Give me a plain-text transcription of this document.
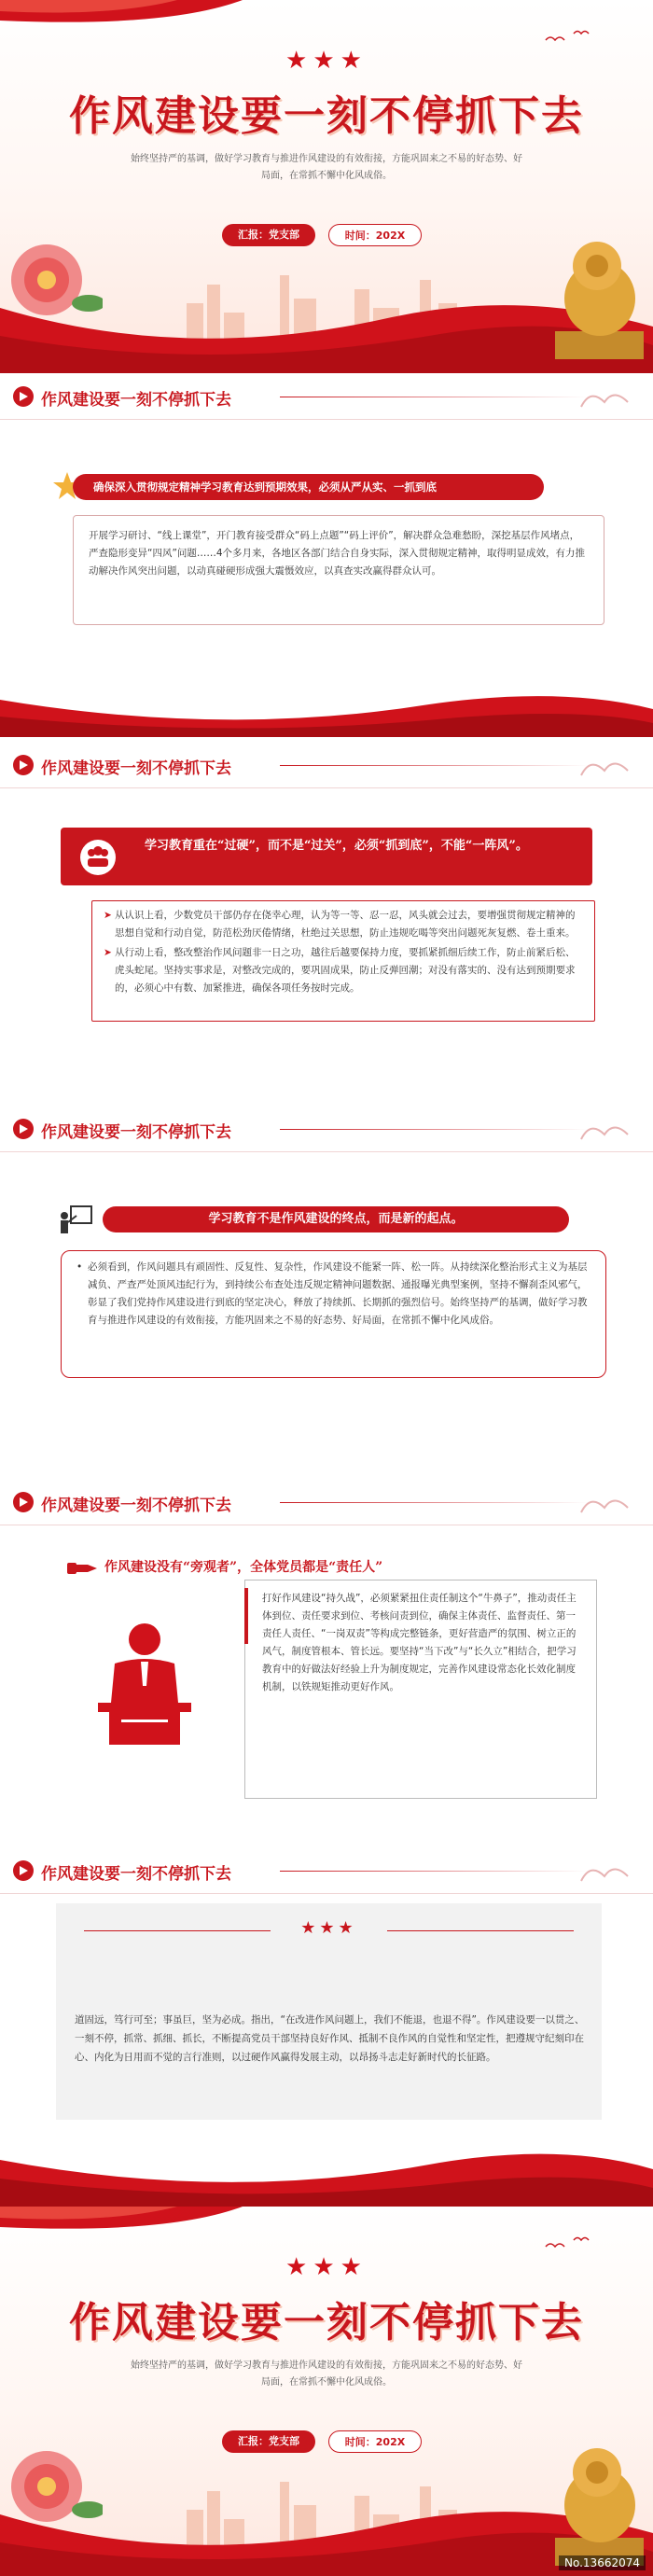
★★★
作风建设要一刻不停抓下去
始终坚持严的基调，做好学习教育与推进作风建设的有效衔接，方能巩固来之不易的好态势、好局面，在常抓不懈中化风成俗。
汇报：党支部	时间：202X
作风建设要一刻不停抓下去
确保深入贯彻规定精神学习教育达到预期效果，必须从严从实、一抓到底
开展学习研讨、“线上课堂”，开门教育接受群众“码上点题”“码上评价”，解决群众急难愁盼，深挖基层作风堵点，严查隐形变异“四风”问题……4个多月来，各地区各部门结合自身实际，深入贯彻规定精神，取得明显成效，有力推动解决作风突出问题，以动真碰硬形成强大震慑效应，以真查实改赢得群众认可。
作风建设要一刻不停抓下去
学习教育重在“过硬”，而不是“过关”，必须“抓到底”，不能“一阵风”。
➤ 从认识上看，少数党员干部仍存在侥幸心理，认为等一等、忍一忍，风头就会过去，要增强贯彻规定精神的思想自觉和行动自觉，防范松劲厌倦情绪，杜绝过关思想，防止违规吃喝等突出问题死灰复燃、卷土重来。
➤ 从行动上看，整改整治作风问题非一日之功，越往后越要保持力度，要抓紧抓细后续工作，防止前紧后松、虎头蛇尾。坚持实事求是，对整改完成的，要巩固成果，防止反弹回潮；对没有落实的、没有达到预期要求的，必须心中有数、加紧推进，确保各项任务按时完成。
作风建设要一刻不停抓下去
学习教育不是作风建设的终点，而是新的起点。
• 必须看到，作风问题具有顽固性、反复性、复杂性，作风建设不能紧一阵、松一阵。从持续深化整治形式主义为基层减负、严查严处顶风违纪行为，到持续公布查处违反规定精神问题数据、通报曝光典型案例，坚持不懈刹歪风邪气，彰显了我们党持作风建设进行到底的坚定决心，释放了持续抓、长期抓的强烈信号。始终坚持严的基调，做好学习教育与推进作风建设的有效衔接，方能巩固来之不易的好态势、好局面，在常抓不懈中化风成俗。
作风建设要一刻不停抓下去
作风建设没有“旁观者”，全体党员都是“责任人”
打好作风建设“持久战”，必须紧紧扭住责任制这个“牛鼻子”，推动责任主体到位、责任要求到位、考核问责到位，确保主体责任、监督责任、第一责任人责任、“一岗双责”等构成完整链条，更好营造严的氛围、树立正的风气，制度管根本、管长远。要坚持“当下改”与“长久立”相结合，把学习教育中的好做法好经验上升为制度规定，完善作风建设常态化长效化制度机制，以铁规矩推动更好作风。
作风建设要一刻不停抓下去
★★★
道固远，笃行可至；事虽巨，坚为必成。指出，“在改进作风问题上，我们不能退，也退不得”。作风建设要一以贯之、一刻不停，抓常、抓细、抓长，不断提高党员干部坚持良好作风、抵制不良作风的自觉性和坚定性，把遵规守纪刻印在心、内化为日用而不觉的言行准则，以过硬作风赢得发展主动，以昂扬斗志走好新时代的长征路。
★★★
作风建设要一刻不停抓下去
始终坚持严的基调，做好学习教育与推进作风建设的有效衔接，方能巩固来之不易的好态势、好局面，在常抓不懈中化风成俗。
汇报：党支部	时间：202X
No.13662074
